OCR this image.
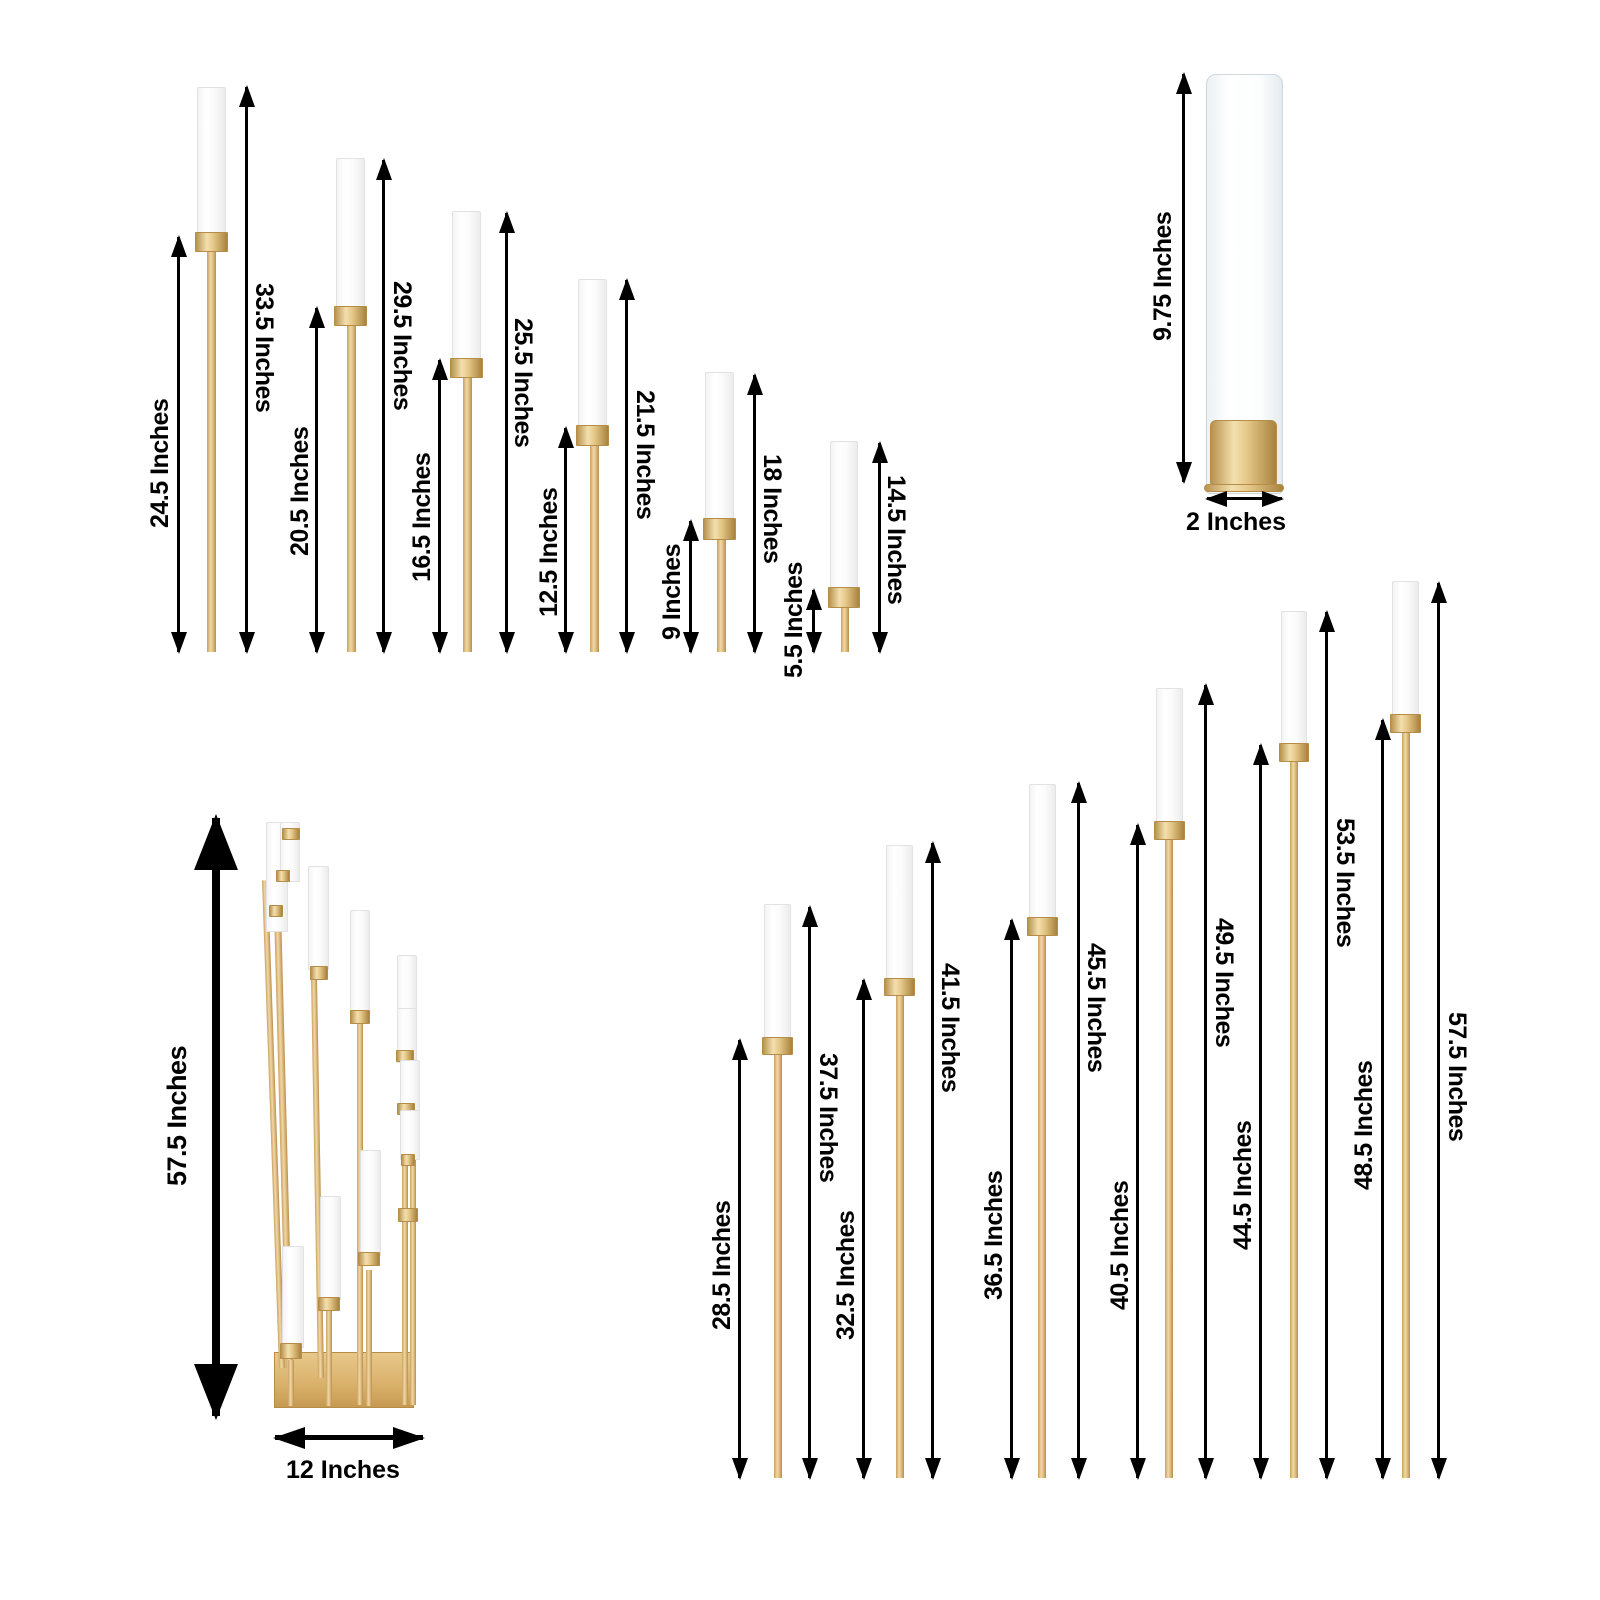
24.5 Inches
33.5 Inches
20.5 Inches
29.5 Inches
16.5 Inches
25.5 Inches
12.5 Inches
21.5 Inches
9 Inches
18 Inches
5.5 Inches
14.5 Inches
9.75 Inches
2 Inches
57.5 Inches
12 Inches
28.5 Inches
37.5 Inches
32.5 Inches
41.5 Inches
36.5 Inches
45.5 Inches
40.5 Inches
49.5 Inches
44.5 Inches
53.5 Inches
48.5 Inches	57.5 Inches
